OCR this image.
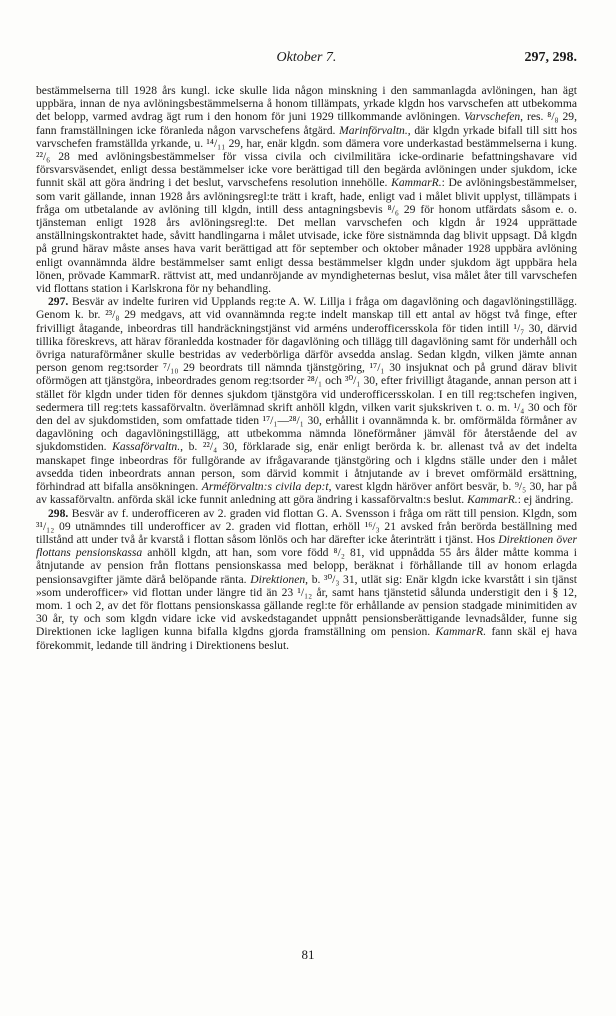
Oktober 7.	297, 298.

bestämmelserna till 1928 års kungl. icke skulle lida någon minskning i den sammanlagda avlöningen, han ägt uppbära, innan de nya avlöningsbestämmelserna å honom tillämpats, yrkade klgdn hos varvschefen att utbekomma det belopp, varmed avdrag ägt rum i den honom för juni 1929 tillkommande avlöningen. Varvschefen, res. ⁸/₈ 29, fann framställningen icke föranleda någon varvschefens åtgärd. Marinförvaltn., där klgdn yrkade bifall till sitt hos varvschefen framställda yrkande, u. ¹⁴/₁₁ 29, har, enär klgdn. som dämera vore underkastad bestämmelserna i kung. ²²/₆ 28 med avlöningsbestämmelser för vissa civila och civilmilitära icke-ordinarie befattningshavare vid försvarsväsendet, enligt dessa bestämmelser icke vore berättigad till den begärda avlöningen under sjukdom, icke funnit skäl att göra ändring i det beslut, varvschefens resolution innehölle. KammarR.: De avlöningsbestämmelser, som varit gällande, innan 1928 års avlöningsregl:te trätt i kraft, hade, enligt vad i målet blivit upplyst, tillämpats i fråga om utbetalande av avlöning till klgdn, intill dess antagningsbevis ⁸/₆ 29 för honom utfärdats såsom e. o. tjänsteman enligt 1928 års avlöningsregl:te. Det mellan varvschefen och klgdn år 1924 upprättade anställningskontraktet hade, såvitt handlingarna i målet utvisade, icke före sistnämnda dag blivit uppsagt. Då klgdn på grund härav måste anses hava varit berättigad att för september och oktober månader 1928 uppbära avlöning enligt ovannämnda äldre bestämmelser samt enligt dessa bestämmelser klgdn under sjukdom ägt uppbära hela lönen, prövade KammarR. rättvist att, med undanröjande av myndigheternas beslut, visa målet åter till varvschefen vid flottans station i Karlskrona för ny behandling.

297. Besvär av indelte furiren vid Upplands reg:te A. W. Lillja i fråga om dagavlöning och dagavlöningstillägg. Genom k. br. ²³/₈ 29 medgavs, att vid ovannämnda reg:te indelt manskap till ett antal av högst två finge, efter frivilligt åtagande, inbeordras till handräckningstjänst vid arméns underofficersskola för tiden intill ¹/₇ 30, därvid tillika föreskrevs, att härav föranledda kostnader för dagavlöning och tillägg till dagavlöning samt för underhåll och övriga naturaförmåner skulle bestridas av vederbörliga därför avsedda anslag. Sedan klgdn, vilken jämte annan person genom reg:tsorder ⁷/₁₀ 29 beordrats till nämnda tjänstgöring, ¹⁷/₁ 30 insjuknat och på grund därav blivit oförmögen att tjänstgöra, inbeordrades genom reg:tsorder ²⁸/₁ och ³⁰/₁ 30, efter frivilligt åtagande, annan person att i stället för klgdn under tiden för dennes sjukdom tjänstgöra vid underofficersskolan. I en till reg:tschefen ingiven, sedermera till reg:tets kassaförvaltn. överlämnad skrift anhöll klgdn, vilken varit sjukskriven t. o. m. ¹/₄ 30 och för den del av sjukdomstiden, som omfattade tiden ¹⁷/₁—²⁸/₁ 30, erhållit i ovannämnda k. br. omförmälda förmåner av dagavlöning och dagavlöningstillägg, att utbekomma nämnda löneförmåner jämväl för återstående del av sjukdomstiden. Kassaförvaltn., b. ²²/₄ 30, förklarade sig, enär enligt berörda k. br. allenast två av det indelta manskapet finge inbeordras för fullgörande av ifrågavarande tjänstgöring och i klgdns ställe under den i målet avsedda tiden inbeordrats annan person, som därvid kommit i åtnjutande av i brevet omförmäld ersättning, förhindrad att bifalla ansökningen. Arméförvaltn:s civila dep:t, varest klgdn häröver anfört besvär, b. ⁹/₅ 30, har på av kassaförvaltn. anförda skäl icke funnit anledning att göra ändring i kassaförvaltn:s beslut. KammarR.: ej ändring.

298. Besvär av f. underofficeren av 2. graden vid flottan G. A. Svensson i fråga om rätt till pension. Klgdn, som ³¹/₁₂ 09 utnämndes till underofficer av 2. graden vid flottan, erhöll ¹⁶/₃ 21 avsked från berörda beställning med tillstånd att under två år kvarstå i flottan såsom lönlös och har därefter icke återinträtt i tjänst. Hos Direktionen över flottans pensionskassa anhöll klgdn, att han, som vore född ⁸/₂ 81, vid uppnådda 55 års ålder måtte komma i åtnjutande av pension från flottans pensionskassa med belopp, beräknat i förhållande till av honom erlagda pensionsavgifter jämte därå belöpande ränta. Direktionen, b. ³⁰/₃ 31, utlät sig: Enär klgdn icke kvarstått i sin tjänst »som underofficer» vid flottan under längre tid än 23 ¹/₁₂ år, samt hans tjänstetid sålunda understigit den i § 12, mom. 1 och 2, av det för flottans pensionskassa gällande regl:te för erhållande av pension stadgade minimitiden av 30 år, ty och som klgdn vidare icke vid avskedstagandet uppnått pensionsberättigande levnadsålder, funne sig Direktionen icke lagligen kunna bifalla klgdns gjorda framställning om pension. KammarR. fann skäl ej hava förekommit, ledande till ändring i Direktionens beslut.

81
